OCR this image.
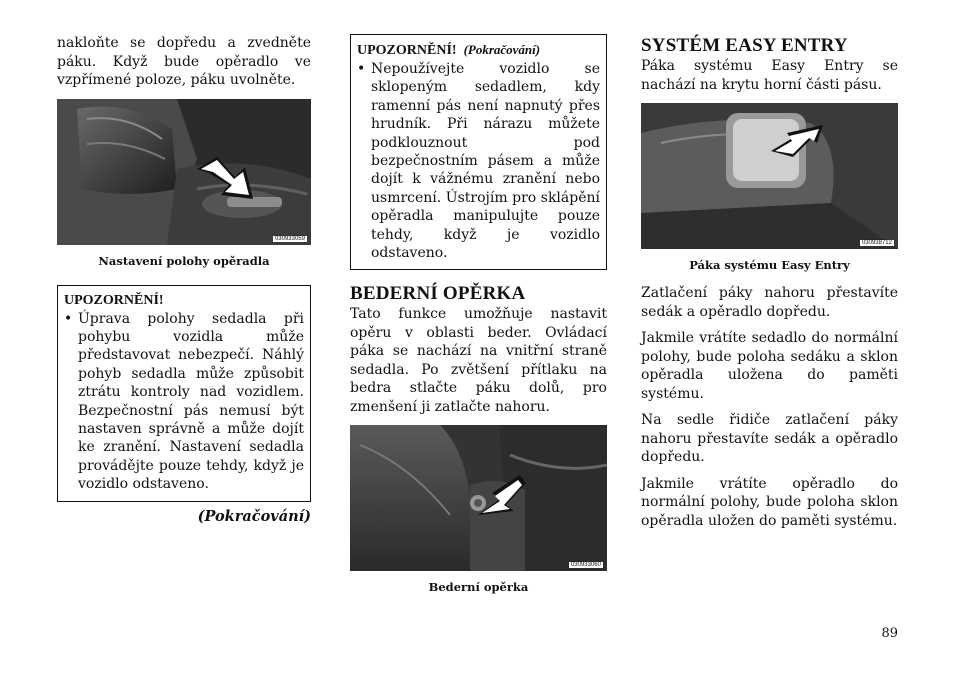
nakloňte se dopředu a zvedněte páku. Když bude opěradlo ve vzpřímené poloze, páku uvolněte.

030933059
Nastavení polohy opěradla
UPOZORNĚNÍ!
• Úprava polohy sedadla při pohybu vozidla může představovat nebezpečí. Náhlý pohyb sedadla může způsobit ztrátu kontroly nad vozidlem. Bezpečnostní pás nemusí být nastaven správně a může dojít ke zranění. Nastavení sedadla provádějte pouze tehdy, když je vozidlo odstaveno.
(Pokračování)
UPOZORNĚNÍ! (Pokračování)
• Nepoužívejte vozidlo se sklopeným sedadlem, kdy ramenní pás není napnutý přes hrudník. Při nárazu můžete podklouznout pod bezpečnostním pásem a může dojít k vážnému zranění nebo usmrcení. Ústrojím pro sklápění opěradla manipulujte pouze tehdy, když je vozidlo odstaveno.
BEDERNÍ OPĚRKA

Tato funkce umožňuje nastavit opěru v oblasti beder. Ovládací páka se nachází na vnitřní straně sedadla. Po zvětšení přítlaku na bedra stlačte páku dolů, pro zmenšení ji zatlačte nahoru.

030933060
Bederní opěrka
SYSTÉM EASY ENTRY

Páka systému Easy Entry se nachází na krytu horní části pásu.

030938712
Páka systému Easy Entry

Zatlačení páky nahoru přestavíte sedák a opěradlo dopředu.

Jakmile vrátíte sedadlo do normální polohy, bude poloha sedáku a sklon opěradla uložena do paměti systému.

Na sedle řidiče zatlačení páky nahoru přestavíte sedák a opěradlo dopředu.

Jakmile vrátíte opěradlo do normální polohy, bude poloha sklon opěradla uložen do paměti systému.

89
